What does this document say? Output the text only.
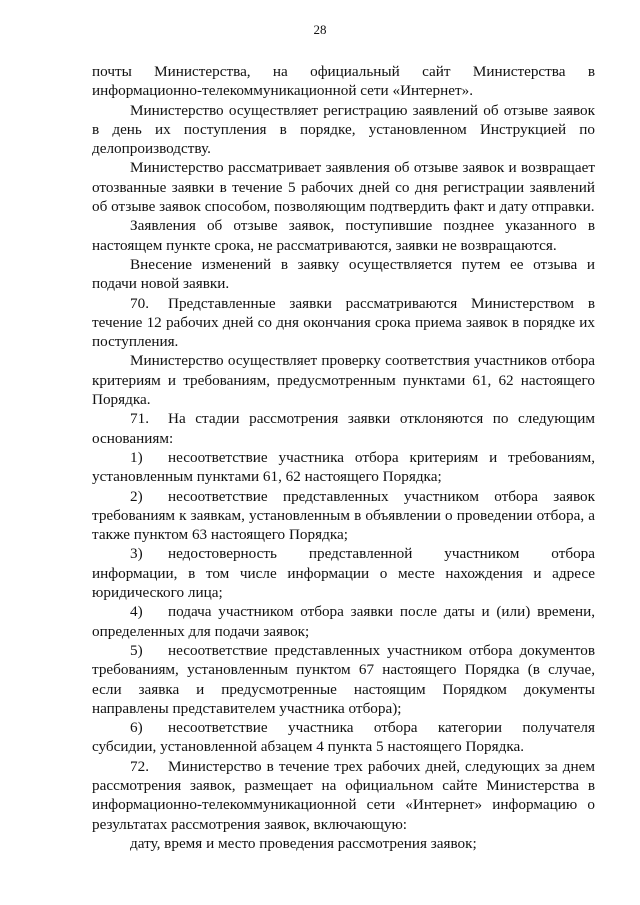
28

почты Министерства, на официальный сайт Министерства в информационно-телекоммуникационной сети «Интернет».

Министерство осуществляет регистрацию заявлений об отзыве заявок в день их поступления в порядке, установленном Инструкцией по делопроизводству.

Министерство рассматривает заявления об отзыве заявок и возвращает отозванные заявки в течение 5 рабочих дней со дня регистрации заявлений об отзыве заявок способом, позволяющим подтвердить факт и дату отправки.

Заявления об отзыве заявок, поступившие позднее указанного в настоящем пункте срока, не рассматриваются, заявки не возвращаются.

Внесение изменений в заявку осуществляется путем ее отзыва и подачи новой заявки.

70. Представленные заявки рассматриваются Министерством в течение 12 рабочих дней со дня окончания срока приема заявок в порядке их поступления.

Министерство осуществляет проверку соответствия участников отбора критериям и требованиям, предусмотренным пунктами 61, 62 настоящего Порядка.

71. На стадии рассмотрения заявки отклоняются по следующим основаниям:

1) несоответствие участника отбора критериям и требованиям, установленным пунктами 61, 62 настоящего Порядка;

2) несоответствие представленных участником отбора заявок требованиям к заявкам, установленным в объявлении о проведении отбора, а также пунктом 63 настоящего Порядка;

3) недостоверность представленной участником отбора информации, в том числе информации о месте нахождения и адресе юридического лица;

4) подача участником отбора заявки после даты и (или) времени, определенных для подачи заявок;

5) несоответствие представленных участником отбора документов требованиям, установленным пунктом 67 настоящего Порядка (в случае, если заявка и предусмотренные настоящим Порядком документы направлены представителем участника отбора);

6) несоответствие участника отбора категории получателя субсидии, установленной абзацем 4 пункта 5 настоящего Порядка.

72. Министерство в течение трех рабочих дней, следующих за днем рассмотрения заявок, размещает на официальном сайте Министерства в информационно-телекоммуникационной сети «Интернет» информацию о результатах рассмотрения заявок, включающую:

дату, время и место проведения рассмотрения заявок;
